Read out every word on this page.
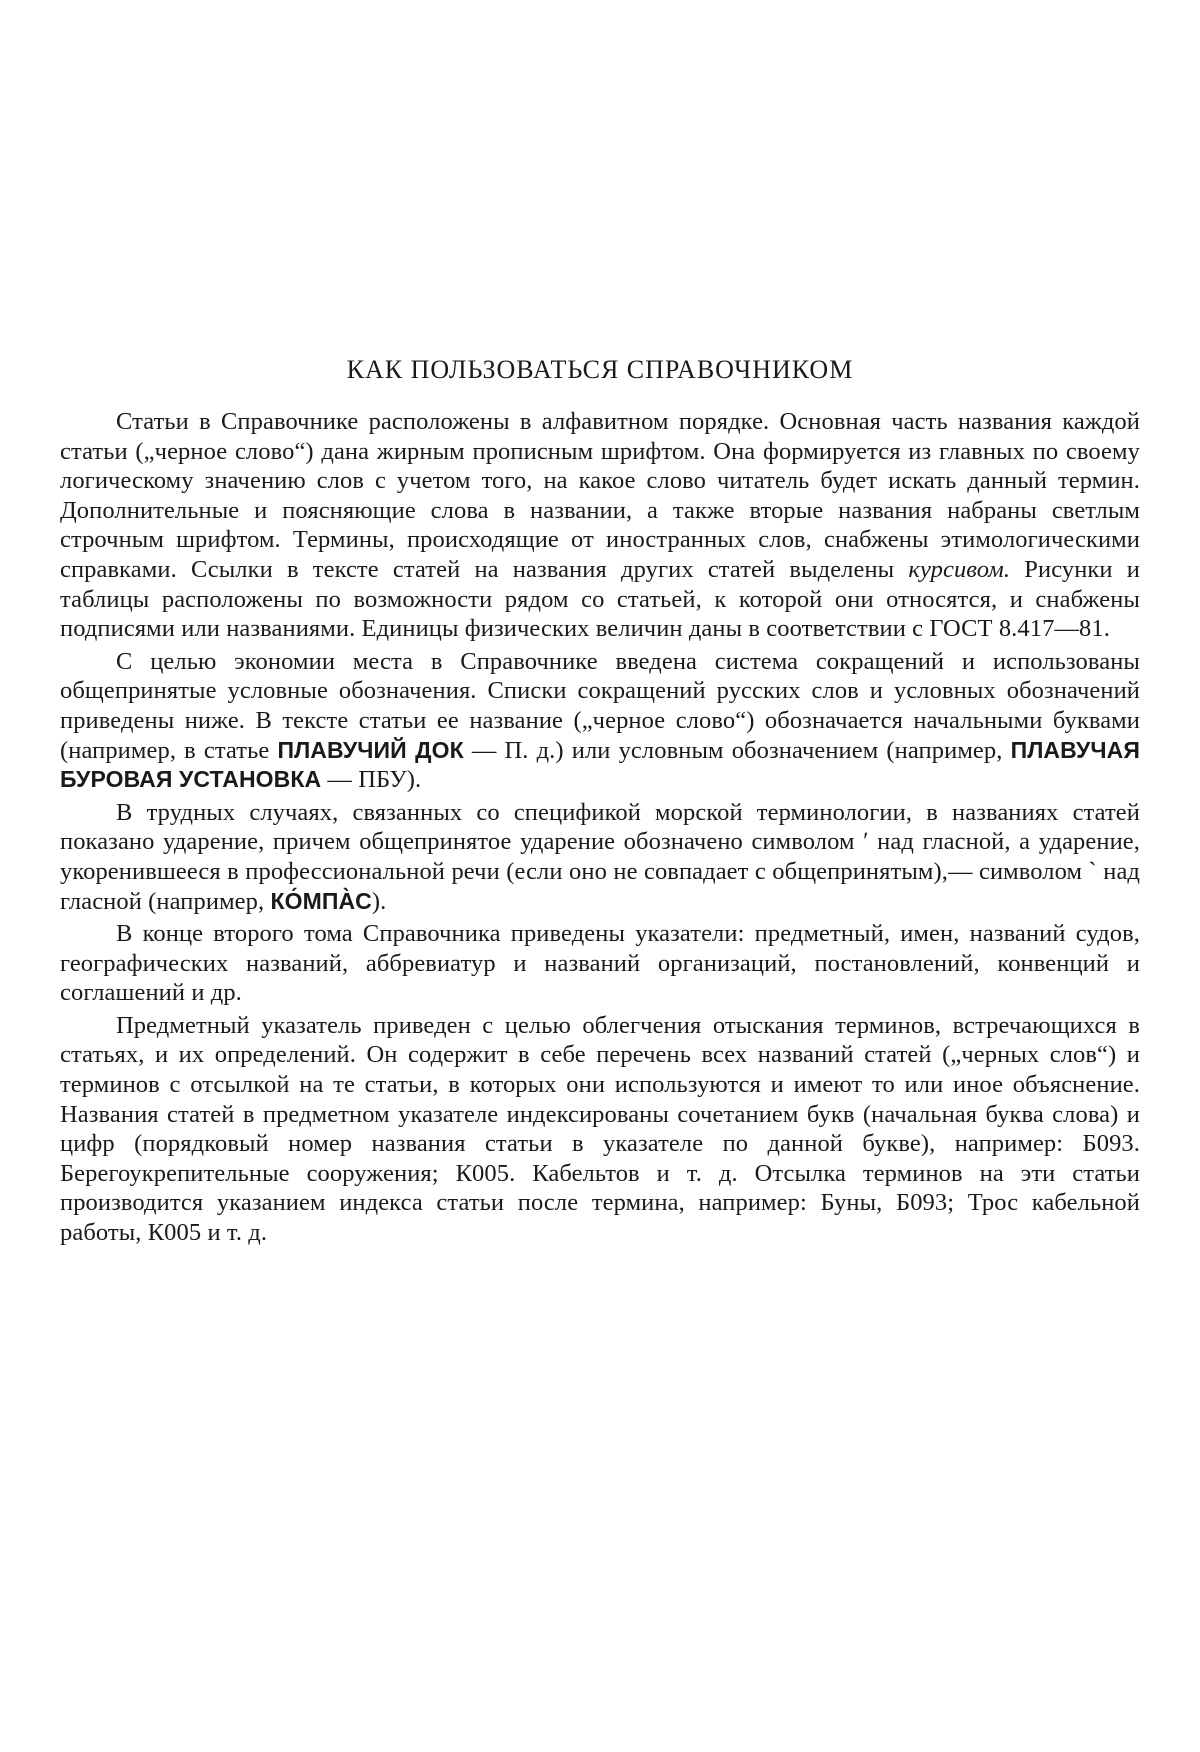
КАК ПОЛЬЗОВАТЬСЯ СПРАВОЧНИКОМ

Статьи в Справочнике расположены в алфавитном порядке. Основная часть названия каждой статьи („черное слово“) дана жирным прописным шрифтом. Она формируется из главных по своему логическому значению слов с учетом того, на какое слово читатель будет искать данный термин. Дополнительные и поясняющие слова в названии, а также вторые названия набраны светлым строчным шрифтом. Термины, происходящие от иностранных слов, снабжены этимологическими справками. Ссылки в тексте статей на названия других статей выделены курсивом. Рисунки и таблицы расположены по возможности рядом со статьей, к которой они относятся, и снабжены подписями или названиями. Единицы физических величин даны в соответствии с ГОСТ 8.417—81.

С целью экономии места в Справочнике введена система сокращений и использованы общепринятые условные обозначения. Списки сокращений русских слов и условных обозначений приведены ниже. В тексте статьи ее название („черное слово“) обозначается начальными буквами (например, в статье ПЛАВУЧИЙ ДОК — П. д.) или условным обозначением (например, ПЛАВУЧАЯ БУРОВАЯ УСТАНОВКА — ПБУ).

В трудных случаях, связанных со спецификой морской терминологии, в названиях статей показано ударение, причем общепринятое ударение обозначено символом ʹ над гласной, а ударение, укоренившееся в профессиональной речи (если оно не совпадает с общепринятым),— символом ` над гласной (например, КО́МПА̀С).

В конце второго тома Справочника приведены указатели: предметный, имен, названий судов, географических названий, аббревиатур и названий организаций, постановлений, конвенций и соглашений и др.

Предметный указатель приведен с целью облегчения отыскания терминов, встречающихся в статьях, и их определений. Он содержит в себе перечень всех названий статей („черных слов“) и терминов с отсылкой на те статьи, в которых они используются и имеют то или иное объяснение. Названия статей в предметном указателе индексированы сочетанием букв (начальная буква слова) и цифр (порядковый номер названия статьи в указателе по данной букве), например: Б093. Берегоукрепительные сооружения; К005. Кабельтов и т. д. Отсылка терминов на эти статьи производится указанием индекса статьи после термина, например: Буны, Б093; Трос кабельной работы, К005 и т. д.
